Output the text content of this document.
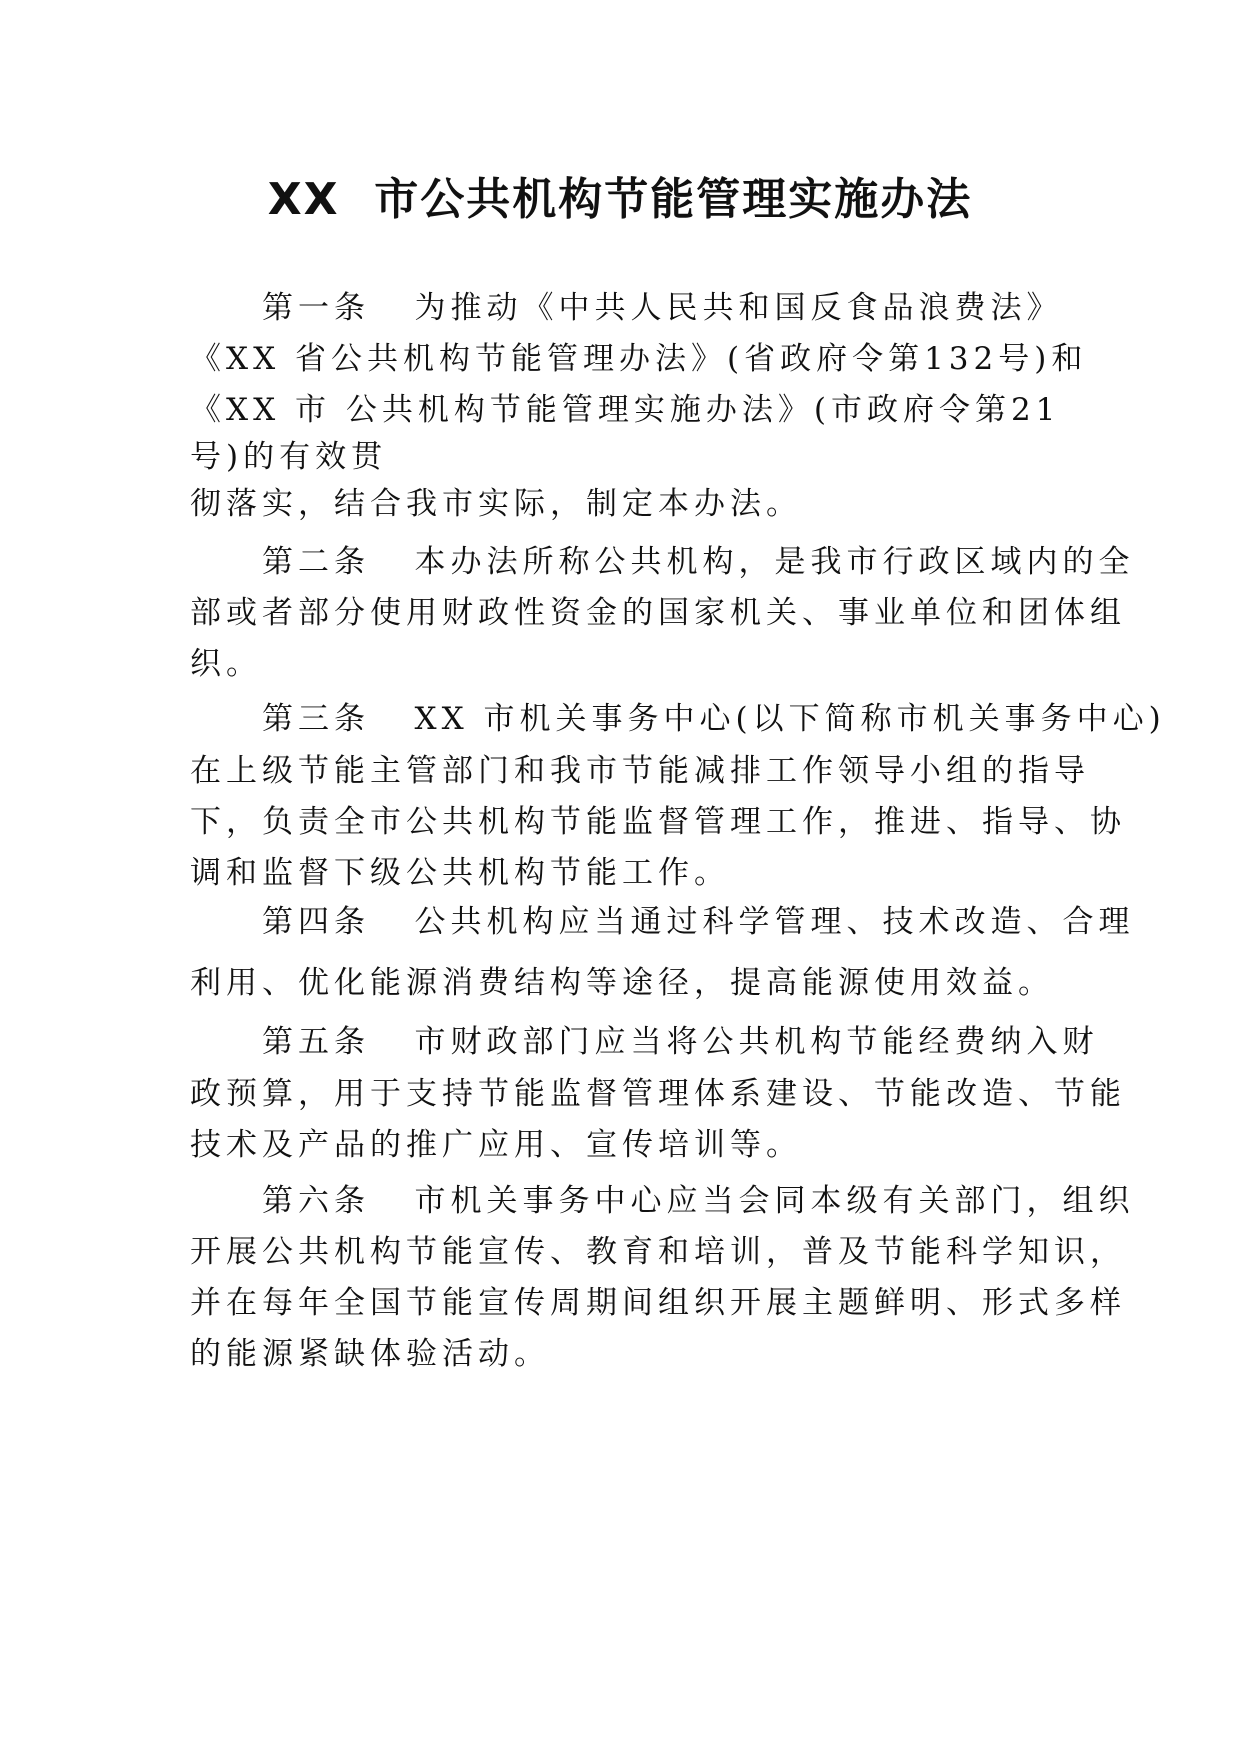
XX  市公共机构节能管理实施办法
第一条   为推动《中共人民共和国反食品浪费法》
《XX 省公共机构节能管理办法》(省政府令第132号)和
《XX 市 公共机构节能管理实施办法》(市政府令第21
号)的有效贯
彻落实，结合我市实际，制定本办法。
第二条   本办法所称公共机构，是我市行政区域内的全
部或者部分使用财政性资金的国家机关、事业单位和团体组
织。
第三条   XX 市机关事务中心(以下简称市机关事务中心)
在上级节能主管部门和我市节能减排工作领导小组的指导
下，负责全市公共机构节能监督管理工作，推进、指导、协
调和监督下级公共机构节能工作。
第四条   公共机构应当通过科学管理、技术改造、合理
利用、优化能源消费结构等途径，提高能源使用效益。
第五条   市财政部门应当将公共机构节能经费纳入财
政预算，用于支持节能监督管理体系建设、节能改造、节能
技术及产品的推广应用、宣传培训等。
第六条   市机关事务中心应当会同本级有关部门，组织
开展公共机构节能宣传、教育和培训，普及节能科学知识，
并在每年全国节能宣传周期间组织开展主题鲜明、形式多样
的能源紧缺体验活动。
